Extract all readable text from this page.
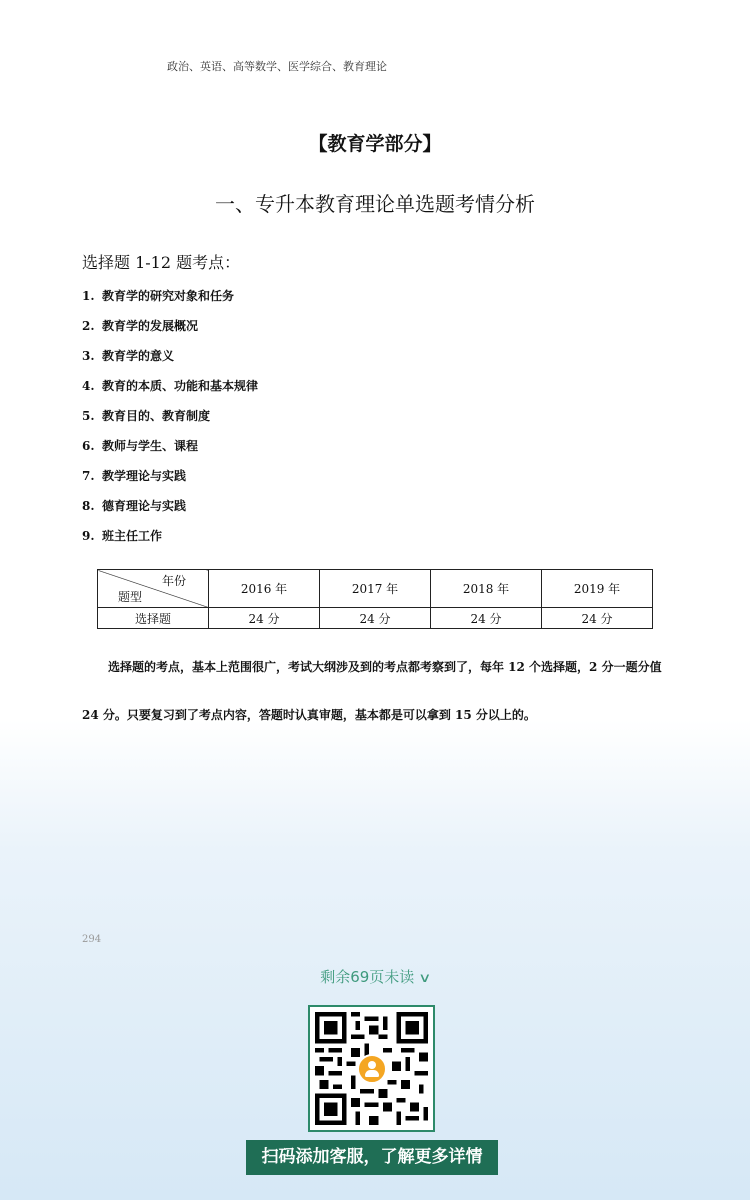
政治、英语、高等数学、医学综合、教育理论
【教育学部分】
一、专升本教育理论单选题考情分析
选择题 1-12 题考点：
1. 教育学的研究对象和任务
2. 教育学的发展概况
3. 教育学的意义
4. 教育的本质、功能和基本规律
5. 教育目的、教育制度
6. 教师与学生、课程
7. 教学理论与实践
8. 德育理论与实践
9. 班主任工作
年份
题型	2016 年	2017 年	2018 年	2019 年
选择题	24 分	24 分	24 分	24 分
选择题的考点，基本上范围很广，考试大纲涉及到的考点都考察到了，每年 12 个选择题，2 分一题分值 24 分。只要复习到了考点内容，答题时认真审题，基本都是可以拿到 15 分以上的。
294
剩余69页未读 ∨
扫码添加客服，了解更多详情
